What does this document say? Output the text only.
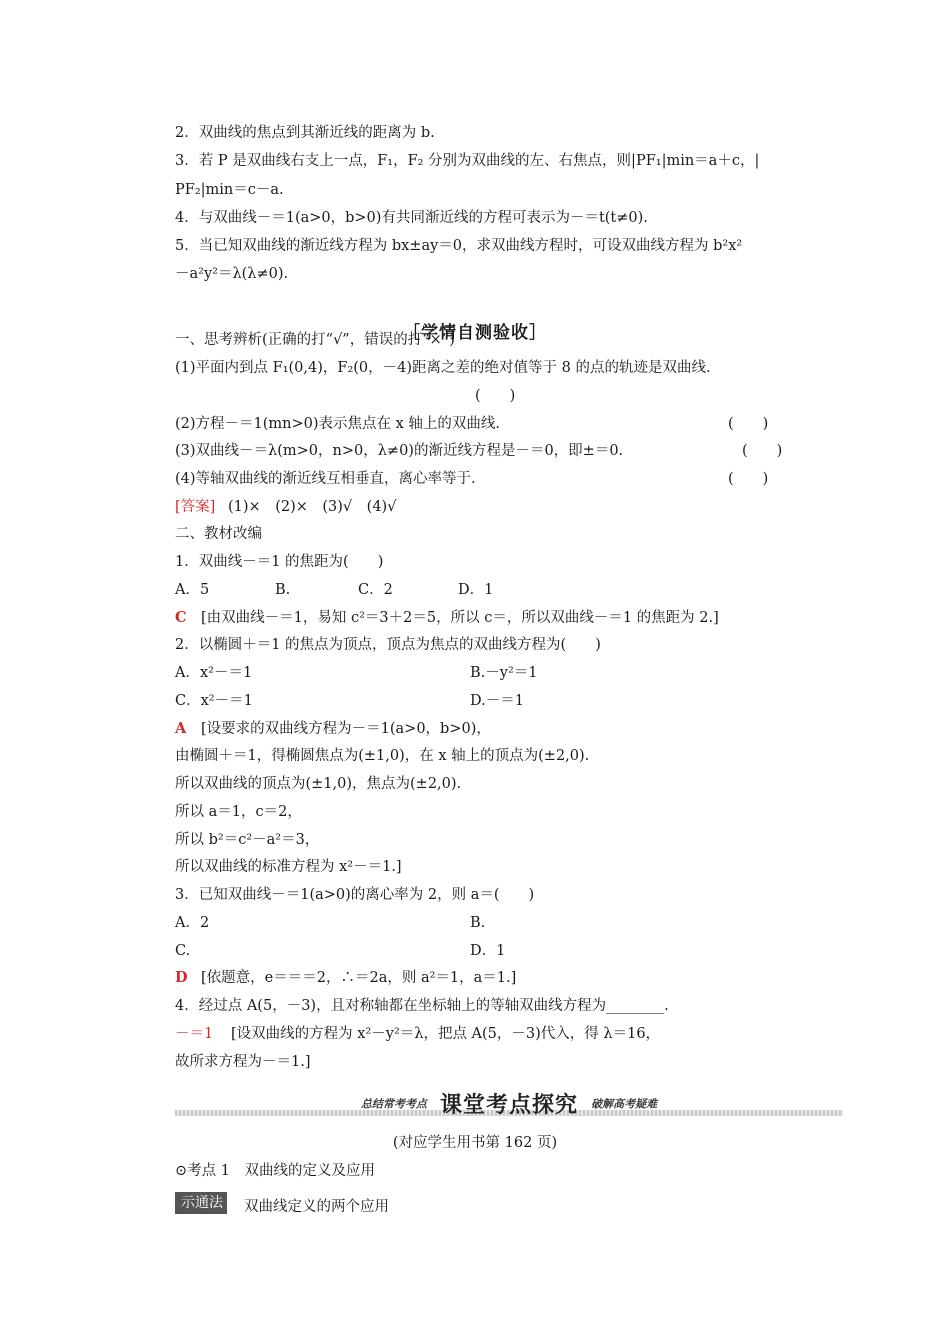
2．双曲线的焦点到其渐近线的距离为 b.
3．若 P 是双曲线右支上一点，F₁，F₂ 分别为双曲线的左、右焦点，则|PF₁|min＝a＋c，|
PF₂|min＝c－a.
4．与双曲线－＝1(a>0，b>0)有共同渐近线的方程可表示为－＝t(t≠0).
5．当已知双曲线的渐近线方程为 bx±ay＝0，求双曲线方程时，可设双曲线方程为 b²x²
－a²y²＝λ(λ≠0).
一、思考辨析(正确的打“√”，错误的打“×”)
(1)平面内到点 F₁(0,4)，F₂(0，－4)距离之差的绝对值等于 8 的点的轨迹是双曲线.
(　　)
(2)方程－＝1(mn>0)表示焦点在 x 轴上的双曲线.	(　　)
(3)双曲线－＝λ(m>0，n>0，λ≠0)的渐近线方程是－＝0，即±＝0.	(　　)
(4)等轴双曲线的渐近线互相垂直，离心率等于.	(　　)
(1)×　(2)×　(3)√　(4)√
二、教材改编
1．双曲线－＝1 的焦距为(　　)
A．5	B.	C．2	D．1
[由双曲线－＝1，易知 c²＝3＋2＝5，所以 c＝，所以双曲线－＝1 的焦距为 2.]
2．以椭圆＋＝1 的焦点为顶点，顶点为焦点的双曲线方程为(　　)
A．x²－＝1	B.－y²＝1
C．x²－＝1	D.－＝1
[设要求的双曲线方程为－＝1(a>0，b>0)，
由椭圆＋＝1，得椭圆焦点为(±1,0)，在 x 轴上的顶点为(±2,0).
所以双曲线的顶点为(±1,0)，焦点为(±2,0).
所以 a＝1，c＝2，
所以 b²＝c²－a²＝3，
所以双曲线的标准方程为 x²－＝1.]
3．已知双曲线－＝1(a>0)的离心率为 2，则 a＝(　　)
A．2	B.
C.	D．1
[依题意，e＝＝＝2，∴＝2a，则 a²＝1，a＝1.]
4．经过点 A(5，－3)，且对称轴都在坐标轴上的等轴双曲线方程为________.
[设双曲线的方程为 x²－y²＝λ，把点 A(5，－3)代入，得 λ＝16，
故所求方程为－＝1.]
⊙考点 1　双曲线的定义及应用
双曲线定义的两个应用
［学情自测验收］
[答案]
C
A
D
－＝1
总结常考考点 课堂考点探究 破解高考疑难
(对应学生用书第 162 页)
示通法
